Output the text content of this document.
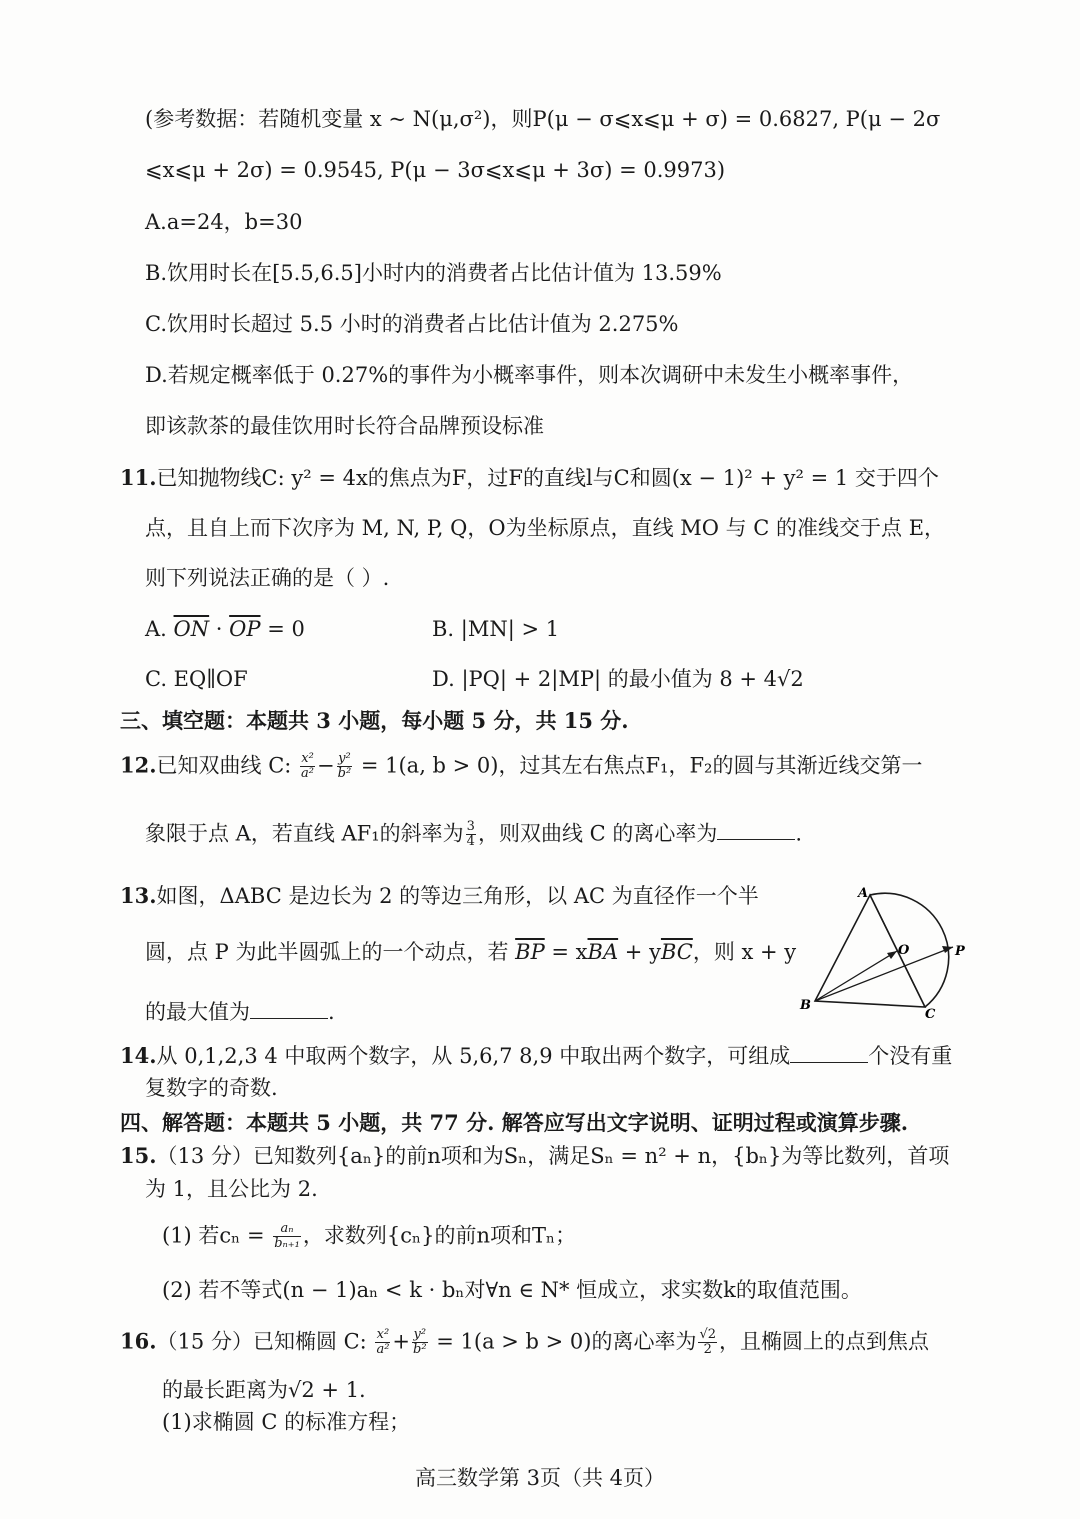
(参考数据：若随机变量 x ~ N(μ,σ²)，则P(μ − σ⩽x⩽μ + σ) = 0.6827, P(μ − 2σ
⩽x⩽μ + 2σ) = 0.9545, P(μ − 3σ⩽x⩽μ + 3σ) = 0.9973)
A.a=24，b=30
B.饮用时长在[5.5,6.5]小时内的消费者占比估计值为 13.59%
C.饮用时长超过 5.5 小时的消费者占比估计值为 2.275%
D.若规定概率低于 0.27%的事件为小概率事件，则本次调研中未发生小概率事件，
即该款茶的最佳饮用时长符合品牌预设标准
11.已知抛物线C: y² = 4x的焦点为F，过F的直线l与C和圆(x − 1)² + y² = 1 交于四个
点，且自上而下次序为 M, N, P, Q，O为坐标原点，直线 MO 与 C 的准线交于点 E，
则下列说法正确的是（ ）.
A. $\overline{ON} \cdot \overline{OP} = 0$	B. |MN| > 1
C. EQ∥OF	D. |PQ| + 2|MP| 的最小值为 8 + 4√2
三、填空题：本题共 3 小题，每小题 5 分，共 15 分.
12.已知双曲线 C: $\frac{\text{x²}}{\text{a²}} - \frac{\text{y²}}{\text{b²}} = 1(a$, b > 0)，过其左右焦点F₁，F₂的圆与其渐近线交第一
象限于点 A，若直线 AF₁的斜率为 $\frac{3}{4}$ ，则双曲线 C 的离心率为	.
13.如图，ΔABC 是边长为 2 的等边三角形，以 AC 为直径作一个半
圆，点 P 为此半圆弧上的一个动点，若 $\overline{BP} = x\overline{BA} + y\overline{BC}$，则 x + y
的最大值为	.
A
B
C
O	P
14.从 0,1,2,3 4 中取两个数字，从 5,6,7 8,9 中取出两个数字，可组成	个没有重
复数字的奇数.
四、解答题：本题共 5 小题，共 77 分. 解答应写出文字说明、证明过程或演算步骤.
15.（13 分）已知数列{aₙ}的前n项和为Sₙ，满足Sₙ = n² + n，{bₙ}为等比数列，首项
为 1，且公比为 2.
(1) 若$c_n = \frac{\text{aₙ}}{\text{bₙ₊₁}}$ ，求数列{cₙ}的前n项和Tₙ；
(2) 若不等式(n − 1)aₙ < k · bₙ对∀n ∈ N* 恒成立，求实数k的取值范围。
16.（15 分）已知椭圆 C: $\frac{\text{x²}}{\text{a²}} + \frac{\text{y²}}{\text{b²}} = 1(a > b > 0)$的离心率为 $\frac{√2}{2}$ ，且椭圆上的点到焦点
的最长距离为√2 + 1.
(1)求椭圆 C 的标准方程；
高三数学第 3页（共 4页）
